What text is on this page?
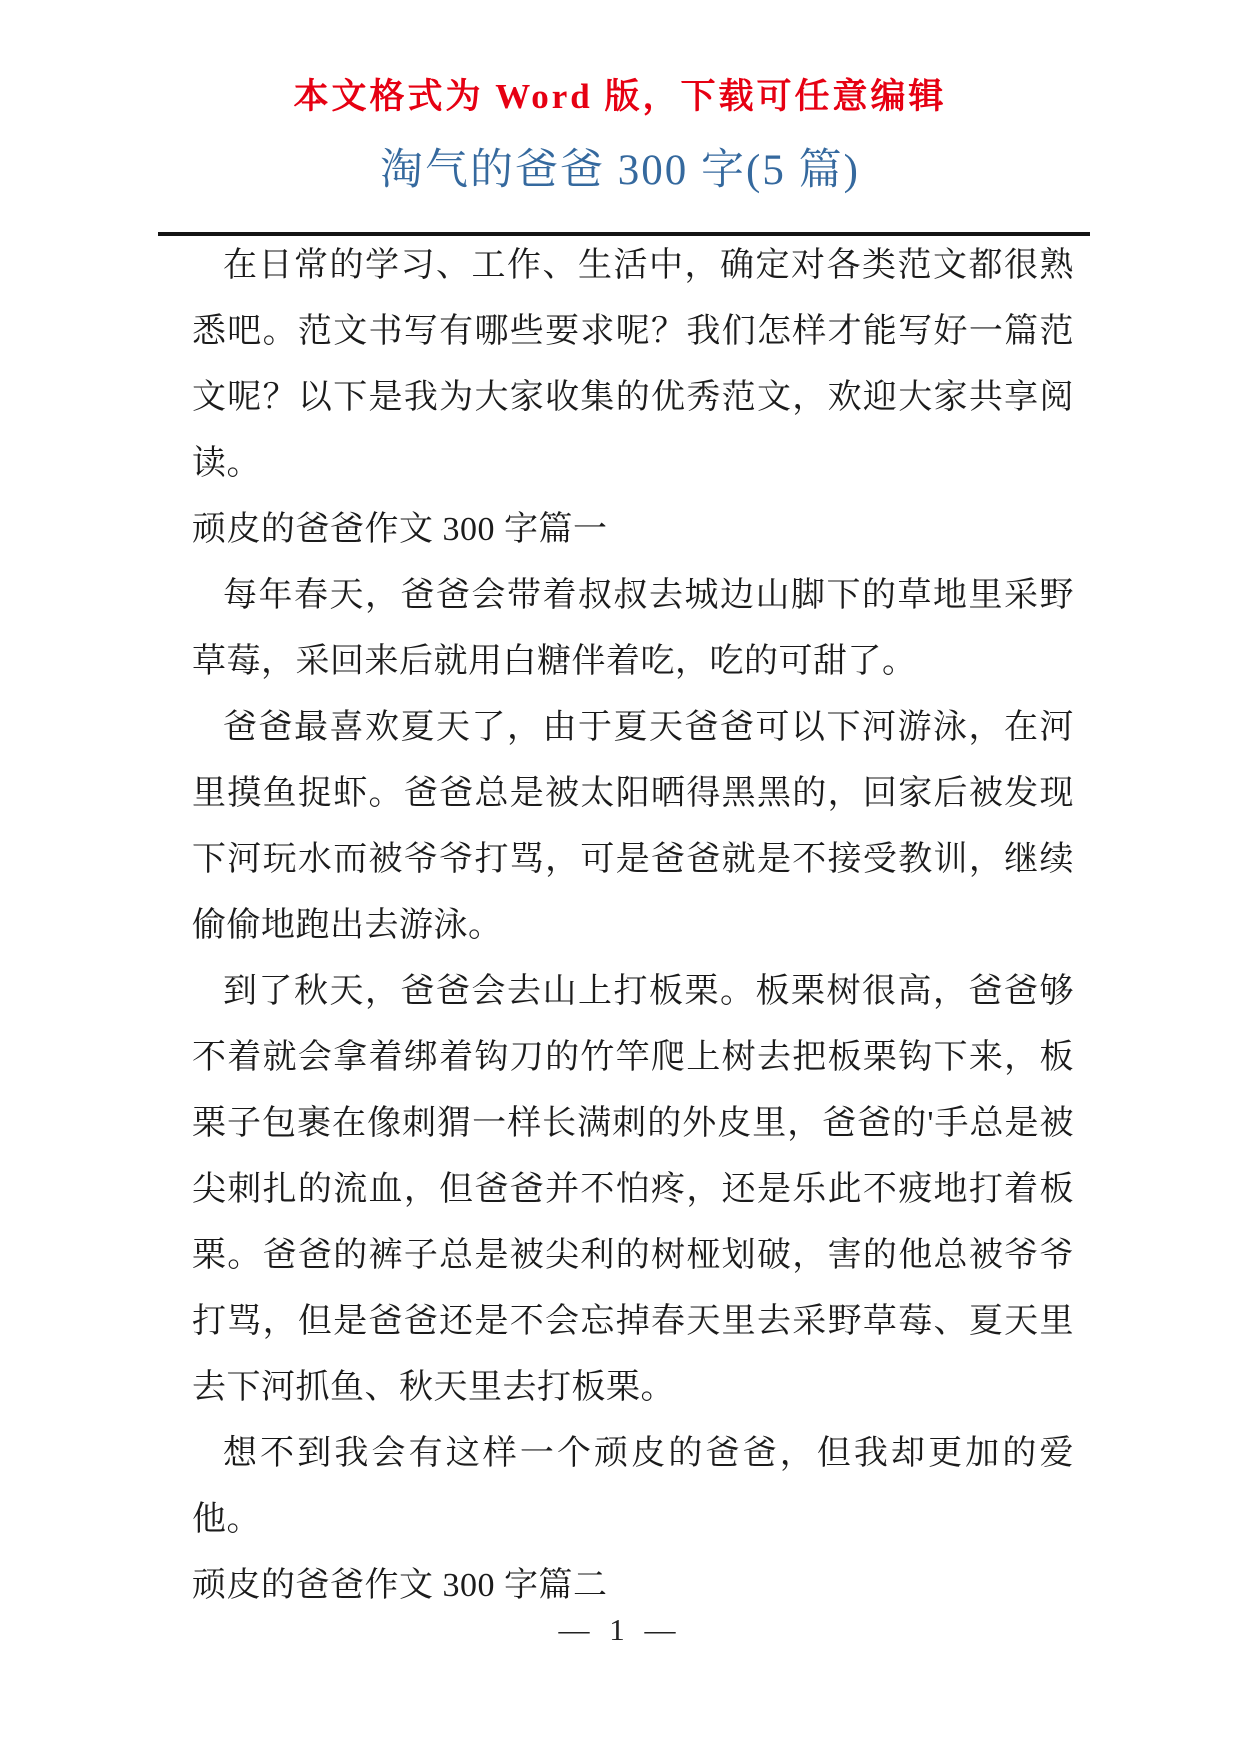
本文格式为 Word 版，下载可任意编辑
淘气的爸爸 300 字(5 篇)

在日常的学习、工作、生活中，确定对各类范文都很熟悉吧。范文书写有哪些要求呢？我们怎样才能写好一篇范文呢？以下是我为大家收集的优秀范文，欢迎大家共享阅读。

顽皮的爸爸作文 300 字篇一

每年春天，爸爸会带着叔叔去城边山脚下的草地里采野草莓，采回来后就用白糖伴着吃，吃的可甜了。

爸爸最喜欢夏天了，由于夏天爸爸可以下河游泳，在河里摸鱼捉虾。爸爸总是被太阳晒得黑黑的，回家后被发现下河玩水而被爷爷打骂，可是爸爸就是不接受教训，继续偷偷地跑出去游泳。

到了秋天，爸爸会去山上打板栗。板栗树很高，爸爸够不着就会拿着绑着钩刀的竹竿爬上树去把板栗钩下来，板栗子包裹在像刺猬一样长满刺的外皮里，爸爸的'手总是被尖刺扎的流血，但爸爸并不怕疼，还是乐此不疲地打着板栗。爸爸的裤子总是被尖利的树桠划破，害的他总被爷爷打骂，但是爸爸还是不会忘掉春天里去采野草莓、夏天里去下河抓鱼、秋天里去打板栗。

想不到我会有这样一个顽皮的爸爸，但我却更加的爱他。

顽皮的爸爸作文 300 字篇二

— 1 —
